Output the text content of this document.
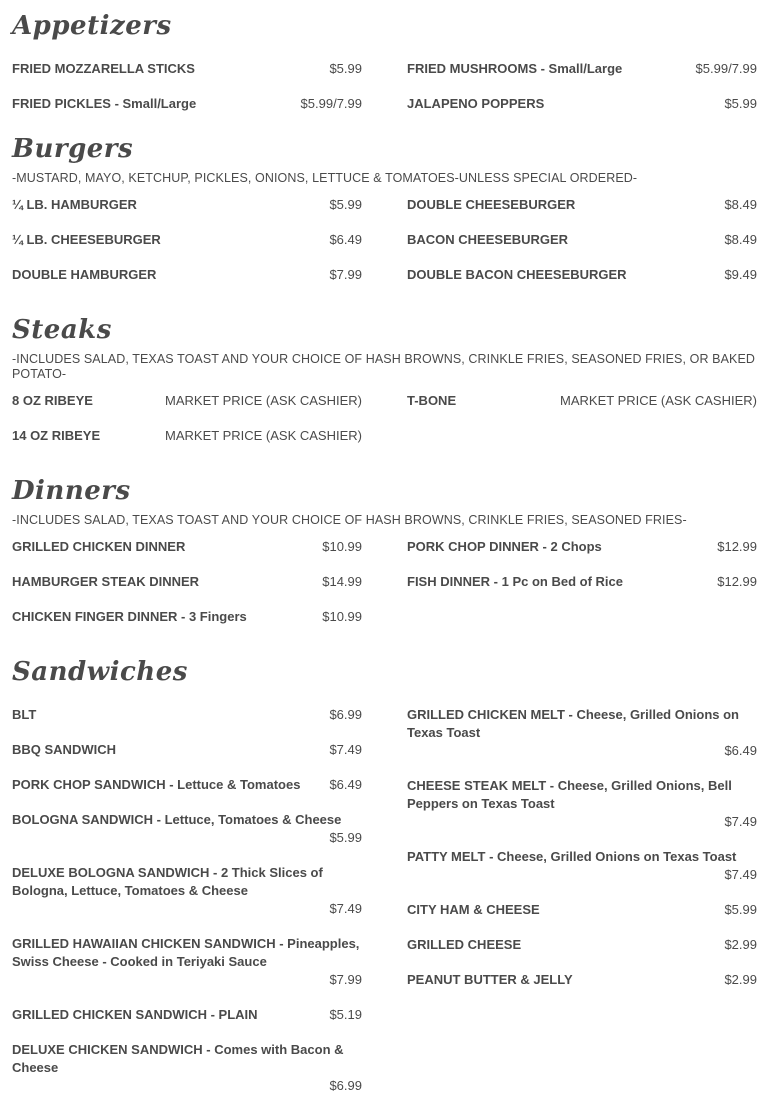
Appetizers
FRIED MOZZARELLA STICKS	$5.99
FRIED PICKLES - Small/Large	$5.99/7.99
FRIED MUSHROOMS - Small/Large	$5.99/7.99
JALAPENO POPPERS	$5.99
Burgers

-MUSTARD, MAYO, KETCHUP, PICKLES, ONIONS, LETTUCE & TOMATOES-UNLESS SPECIAL ORDERED-

¼ LB. HAMBURGER	$5.99
¼ LB. CHEESEBURGER	$6.49
DOUBLE HAMBURGER	$7.99
DOUBLE CHEESEBURGER	$8.49
BACON CHEESEBURGER	$8.49
DOUBLE BACON CHEESEBURGER	$9.49
Steaks

-INCLUDES SALAD, TEXAS TOAST AND YOUR CHOICE OF HASH BROWNS, CRINKLE FRIES, SEASONED FRIES, OR BAKED POTATO-

8 OZ RIBEYE	MARKET PRICE (ASK CASHIER)
14 OZ RIBEYE	MARKET PRICE (ASK CASHIER)
T-BONE	MARKET PRICE (ASK CASHIER)
Dinners

-INCLUDES SALAD, TEXAS TOAST AND YOUR CHOICE OF HASH BROWNS, CRINKLE FRIES, SEASONED FRIES-

GRILLED CHICKEN DINNER	$10.99
HAMBURGER STEAK DINNER	$14.99
CHICKEN FINGER DINNER - 3 Fingers	$10.99
PORK CHOP DINNER - 2 Chops	$12.99
FISH DINNER - 1 Pc on Bed of Rice	$12.99
Sandwiches
BLT	$6.99
BBQ SANDWICH	$7.49
PORK CHOP SANDWICH - Lettuce & Tomatoes	$6.49
BOLOGNA SANDWICH - Lettuce, Tomatoes & Cheese
$5.99
DELUXE BOLOGNA SANDWICH - 2 Thick Slices of Bologna, Lettuce, Tomatoes & Cheese
$7.49
GRILLED HAWAIIAN CHICKEN SANDWICH - Pineapples, Swiss Cheese - Cooked in Teriyaki Sauce
$7.99
GRILLED CHICKEN SANDWICH - PLAIN	$5.19
DELUXE CHICKEN SANDWICH - Comes with Bacon & Cheese
$6.99
GRILLED CHICKEN MELT - Cheese, Grilled Onions on Texas Toast
$6.49
CHEESE STEAK MELT - Cheese, Grilled Onions, Bell Peppers on Texas Toast
$7.49
PATTY MELT - Cheese, Grilled Onions on Texas Toast
$7.49
CITY HAM & CHEESE	$5.99
GRILLED CHEESE	$2.99
PEANUT BUTTER & JELLY	$2.99
